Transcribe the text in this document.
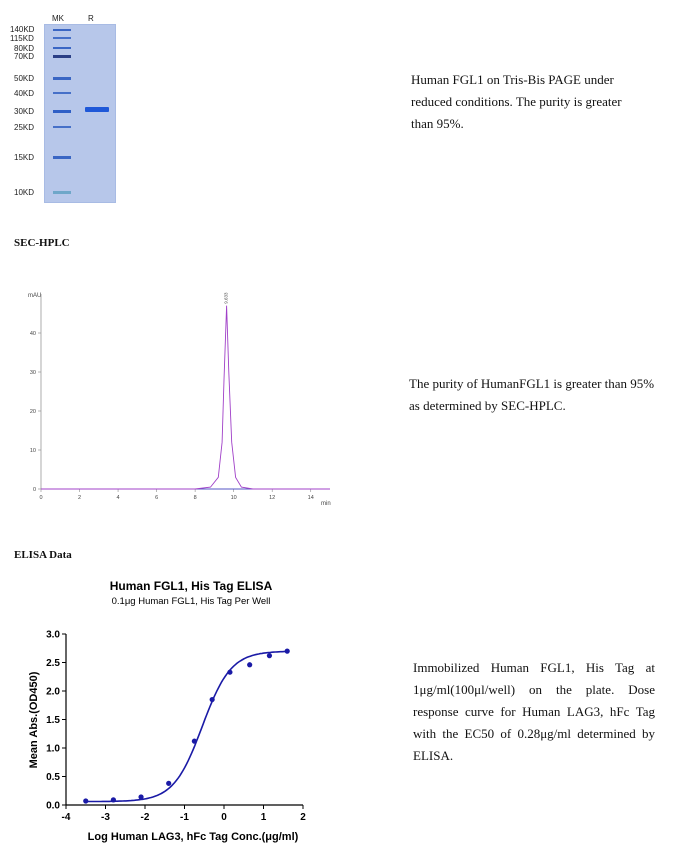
MK	R
140KD
115KD
80KD
70KD
50KD
40KD
30KD
25KD
15KD
10KD
Human FGL1 on Tris-Bis PAGE under reduced conditions. The purity is greater than 95%.
SEC-HPLC
0
10
20
30
40
0	2	4	6	8	10	12	14
9.633
mAU
min
The purity of HumanFGL1 is greater than 95% as determined by SEC-HPLC.
ELISA Data
Human FGL1, His Tag ELISA
0.1μg Human FGL1, His Tag Per Well
0.0
0.5
1.0
1.5
2.0
2.5
3.0
-4	-3	-2	-1	0	1	2
Log Human LAG3, hFc Tag Conc.(μg/ml)
Mean Abs.(OD450)
Immobilized Human FGL1, His Tag at 1μg/ml(100μl/well) on the plate. Dose response curve for Human LAG3, hFc Tag with the EC50 of 0.28μg/ml determined by ELISA.
